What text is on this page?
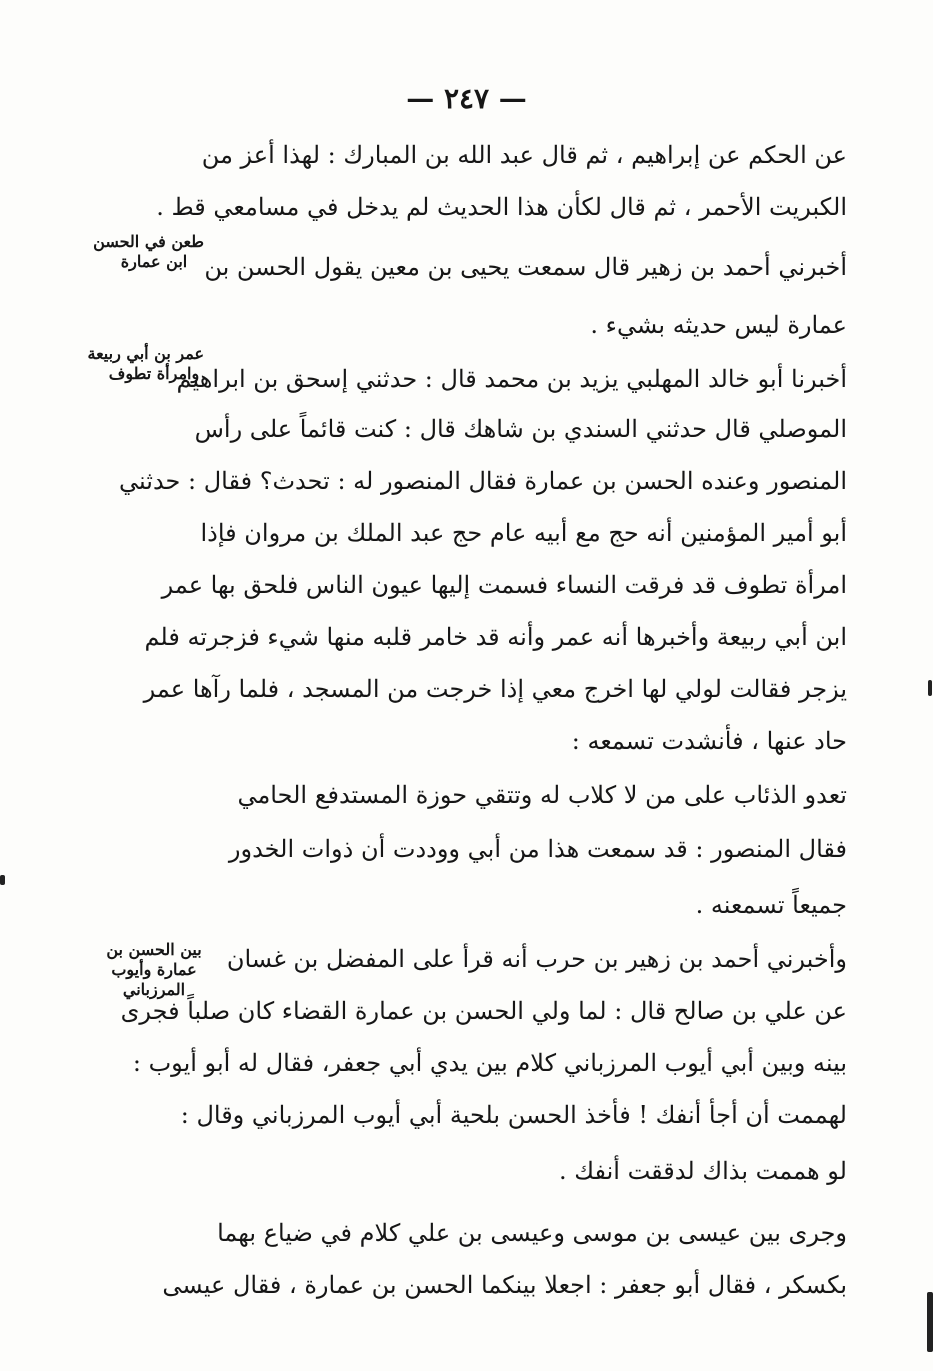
— ٢٤٧ —
عن الحكم عن إبراهيم ، ثم قال عبد الله بن المبارك : لهذا أعز من
الكبريت الأحمر ، ثم قال لكأن هذا الحديث لم يدخل في مسامعي قط .
أخبرني أحمد بن زهير قال سمعت يحيى بن معين يقول الحسن بن
عمارة ليس حديثه بشيء .
أخبرنا أبو خالد المهلبي يزيد بن محمد قال : حدثني إسحق بن ابراهيم
الموصلي قال حدثني السندي بن شاهك قال : كنت قائماً على رأس
المنصور وعنده الحسن بن عمارة فقال المنصور له : تحدث؟ فقال : حدثني
أبو أمير المؤمنين أنه حج مع أبيه عام حج عبد الملك بن مروان فإذا
امرأة تطوف قد فرقت النساء فسمت إليها عيون الناس فلحق بها عمر
ابن أبي ربيعة وأخبرها أنه عمر وأنه قد خامر قلبه منها شيء فزجرته فلم
يزجر فقالت لولي لها اخرج معي إذا خرجت من المسجد ، فلما رآها عمر
حاد عنها ، فأنشدت تسمعه :
تعدو الذئاب على من لا كلاب له وتتقي حوزة المستدفع الحامي
فقال المنصور : قد سمعت هذا من أبي ووددت أن ذوات الخدور
جميعاً تسمعنه .
وأخبرني أحمد بن زهير بن حرب أنه قرأ على المفضل بن غسان
عن علي بن صالح قال : لما ولي الحسن بن عمارة القضاء كان صلباً فجرى
بينه وبين أبي أيوب المرزباني كلام بين يدي أبي جعفر، فقال له أبو أيوب :
لهممت أن أجأ أنفك ! فأخذ الحسن بلحية أبي أيوب المرزباني وقال :
لو هممت بذاك لدققت أنفك .
وجرى بين عيسى بن موسى وعيسى بن علي كلام في ضياع بهما
بكسكر ، فقال أبو جعفر : اجعلا بينكما الحسن بن عمارة ، فقال عيسى
طعن في الحسن
ابن عمارة
عمر بن أبي ربيعة
وامرأة تطوف
بين الحسن بن
عمارة وأيوب
المرزباني
